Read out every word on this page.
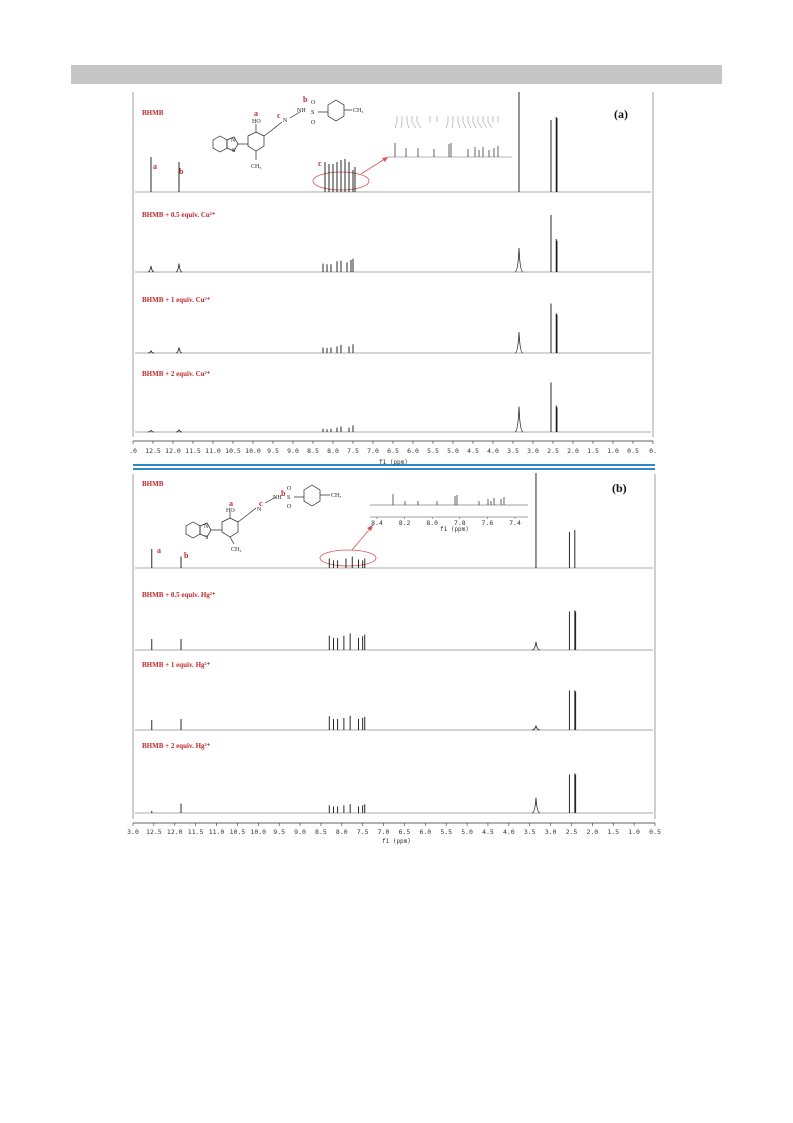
(a)
(b)
BHMB
BHMB + 0.5 equiv. Cu²⁺
BHMB + 1 equiv. Cu²⁺
BHMB + 2 equiv. Cu²⁺
BHMB
BHMB + 0.5 equiv. Hg²⁺
BHMB + 1 equiv. Hg²⁺
BHMB + 2 equiv. Hg²⁺
a
b
c
a
b
8.4 8.2 8.0 7.8 7.6 7.4
f1 (ppm)
N
S
HO
a c
b
N
NH S
O
O
CH₃
CH₃
N
S
HO
a	c
b
N
NH S
O
O
CH₃
CH₃
.0 12.5 12.0 11.5 11.0 10.5 10.0 9.5 9.0 8.5 8.0 7.5 7.0 6.5 6.0 5.5 5.0 4.5 4.0 3.5 3.0 2.5 2.0 1.5 1.0 0.5 0.
f1 (ppm)
3.0 12.5 12.0 11.5 11.0 10.5 10.0 9.5 9.0 8.5 8.0 7.5 7.0 6.5 6.0 5.5 5.0 4.5 4.0 3.5 3.0 2.5 2.0 1.5 1.0 0.5
f1 (ppm)
